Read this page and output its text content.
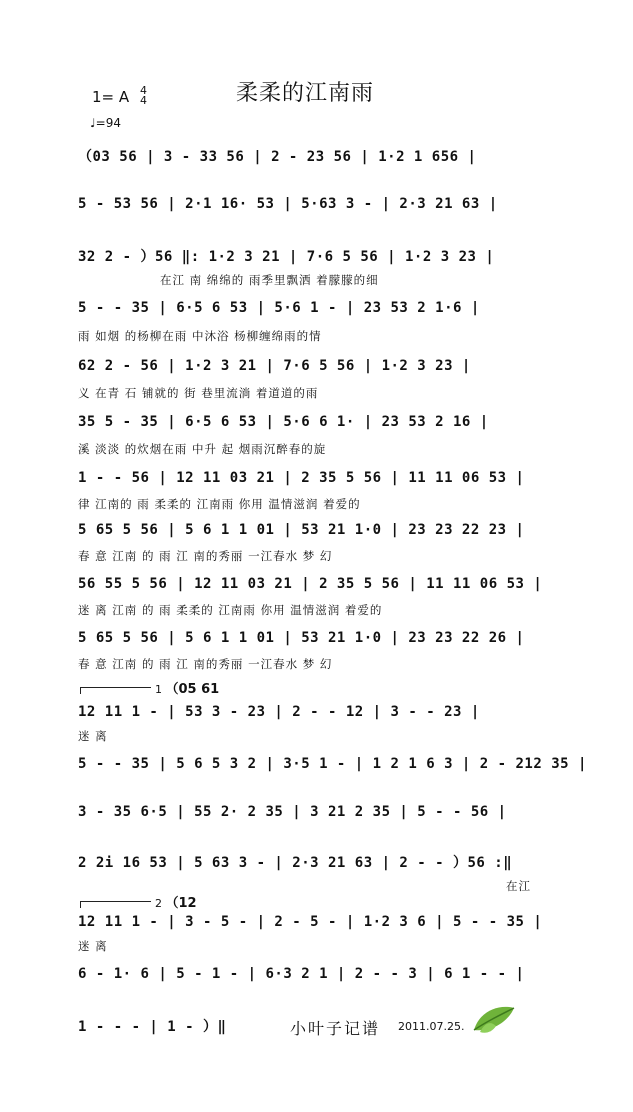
1= A 4
4
♩=94
柔柔的江南雨
（03 56 | 3 - 33 56 | 2 - 23 56 | 1·2 1 656 |
5 - 53 56 | 2·1 16· 53 | 5·63 3 - | 2·3 21 63 |
32 2 - ）56 ‖: 1·2 3 21 | 7·6 5 56 | 1·2 3 23 |
在江 南 绵绵的 雨季里飘洒 着朦朦的细
5 - - 35 | 6·5 6 53 | 5·6 1 - | 23 53 2 1·6 |
雨 如烟 的杨柳在雨 中沐浴 杨柳缠绵雨的情
62 2 - 56 | 1·2 3 21 | 7·6 5 56 | 1·2 3 23 |
义 在青 石 铺就的 街 巷里流淌 着道道的雨
35 5 - 35 | 6·5 6 53 | 5·6 6 1· | 23 53 2 16 |
溪 淡淡 的炊烟在雨 中升 起 烟雨沉醉春的旋
1 - - 56 | 12 11 03 21 | 2 35 5 56 | 11 11 06 53 |
律 江南的 雨 柔柔的 江南雨 你用 温情滋润 着爱的
5 65 5 56 | 5 6 1 1 01 | 53 21 1·0 | 23 23 22 23 |
春 意 江南 的 雨 江 南的秀丽 一江春水 梦 幻
56 55 5 56 | 12 11 03 21 | 2 35 5 56 | 11 11 06 53 |
迷 离 江南 的 雨 柔柔的 江南雨 你用 温情滋润 着爱的
5 65 5 56 | 5 6 1 1 01 | 53 21 1·0 | 23 23 22 26 |
春 意 江南 的 雨 江 南的秀丽 一江春水 梦 幻
1 （05 61
12 11 1 - | 53 3 - 23 | 2 - - 12 | 3 - - 23 |
迷 离
5 - - 35 | 5 6 5 3 2 | 3·5 1 - | 1 2 1 6 3 | 2 - 212 35 |
3 - 35 6·5 | 55 2· 2 35 | 3 21 2 35 | 5 - - 56 |
2 2i 16 53 | 5 63 3 - | 2·3 21 63 | 2 - - ）56 :‖
在江
2 （12
12 11 1 - | 3 - 5 - | 2 - 5 - | 1·2 3 6 | 5 - - 35 |
迷 离
6 - 1· 6 | 5 - 1 - | 6·3 2 1 | 2 - - 3 | 6 1 - - |
1 - - - | 1 - ）‖	小叶子记谱 2011.07.25.
